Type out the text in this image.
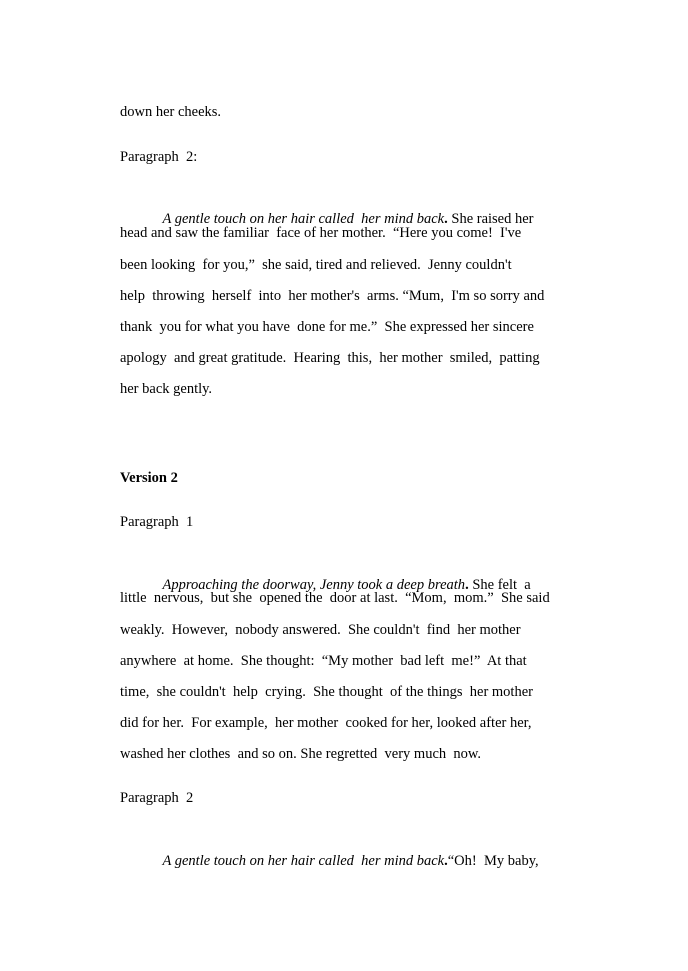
down her cheeks.
Paragraph  2:

A gentle touch on her hair called  her mind back. She raised her

head and saw the familiar  face of her mother.  “Here you come!  I've
been looking  for you,”  she said, tired and relieved.  Jenny couldn't
help  throwing  herself  into  her mother's  arms. “Mum,  I'm so sorry and
thank  you for what you have  done for me.”  She expressed her sincere
apology  and great gratitude.  Hearing  this,  her mother  smiled,  patting
her back gently.
Version 2
Paragraph  1

Approaching the doorway, Jenny took a deep breath. She felt  a

little  nervous,  but she  opened the  door at last.  “Mom,  mom.”  She said
weakly.  However,  nobody answered.  She couldn't  find  her mother
anywhere  at home.  She thought:  “My mother  bad left  me!”  At that
time,  she couldn't  help  crying.  She thought  of the things  her mother
did for her.  For example,  her mother  cooked for her, looked after her,
washed her clothes  and so on. She regretted  very much  now.
Paragraph  2

A gentle touch on her hair called  her mind back.“Oh!  My baby,
